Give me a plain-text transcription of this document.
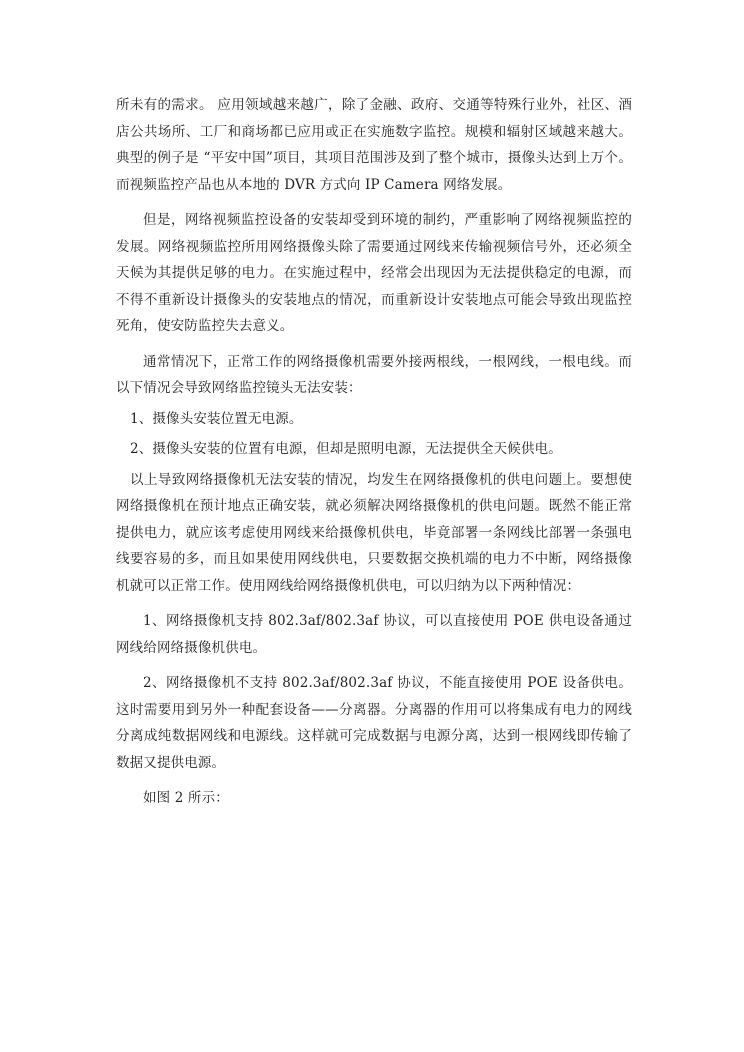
所未有的需求。 应用领域越来越广，除了金融、政府、交通等特殊行业外，社区、酒店公共场所、工厂和商场都已应用或正在实施数字监控。规模和辐射区域越来越大。典型的例子是 “平安中国”项目，其项目范围涉及到了整个城市，摄像头达到上万个。而视频监控产品也从本地的 DVR 方式向 IP Camera 网络发展。

但是，网络视频监控设备的安装却受到环境的制约，严重影响了网络视频监控的发展。网络视频监控所用网络摄像头除了需要通过网线来传输视频信号外，还必须全天候为其提供足够的电力。在实施过程中，经常会出现因为无法提供稳定的电源，而不得不重新设计摄像头的安装地点的情况，而重新设计安装地点可能会导致出现监控死角，使安防监控失去意义。

通常情况下，正常工作的网络摄像机需要外接两根线，一根网线，一根电线。而以下情况会导致网络监控镜头无法安装：

1、摄像头安装位置无电源。

2、摄像头安装的位置有电源，但却是照明电源，无法提供全天候供电。

以上导致网络摄像机无法安装的情况，均发生在网络摄像机的供电问题上。要想使网络摄像机在预计地点正确安装，就必须解决网络摄像机的供电问题。既然不能正常提供电力，就应该考虑使用网线来给摄像机供电，毕竟部署一条网线比部署一条强电线要容易的多，而且如果使用网线供电，只要数据交换机端的电力不中断，网络摄像机就可以正常工作。使用网线给网络摄像机供电，可以归纳为以下两种情况：

1、网络摄像机支持 802.3af/802.3af 协议，可以直接使用 POE 供电设备通过网线给网络摄像机供电。

2、网络摄像机不支持 802.3af/802.3af 协议，不能直接使用 POE 设备供电。这时需要用到另外一种配套设备——分离器。分离器的作用可以将集成有电力的网线分离成纯数据网线和电源线。这样就可完成数据与电源分离，达到一根网线即传输了数据又提供电源。

如图 2 所示：
